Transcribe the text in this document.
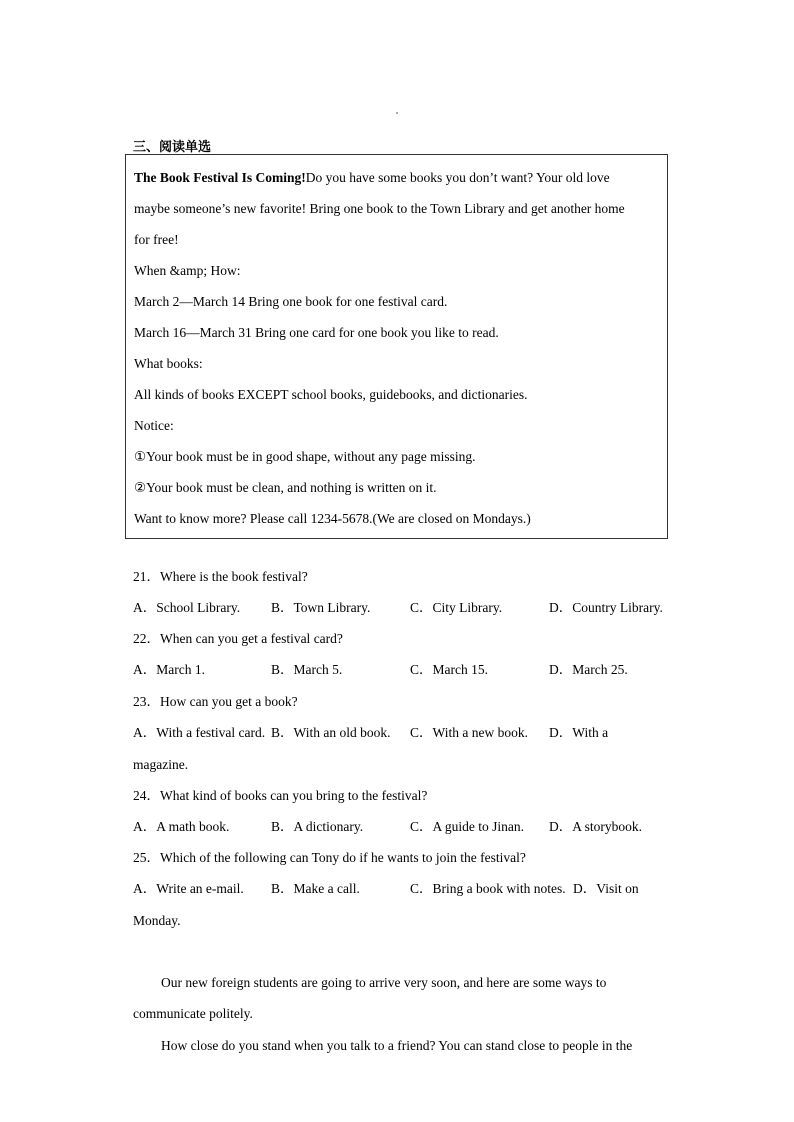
三、阅读单选
The Book Festival Is Coming!Do you have some books you don’t want? Your old love
maybe someone’s new favorite! Bring one book to the Town Library and get another home
for free!
When &amp; How:
March 2—March 14 Bring one book for one festival card.
March 16—March 31 Bring one card for one book you like to read.
What books:
All kinds of books EXCEPT school books, guidebooks, and dictionaries.
Notice:
①Your book must be in good shape, without any page missing.
②Your book must be clean, and nothing is written on it.
Want to know more? Please call 1234-5678.(We are closed on Mondays.)
21．Where is the book festival?
A．School Library. B．Town Library.	C．City Library.	D．Country Library.
22．When can you get a festival card?
A．March 1.	B．March 5.	C．March 15.	D．March 25.
23．How can you get a book?
A．With a festival card. B．With an old book. C．With a new book. D．With a
magazine.
24．What kind of books can you bring to the festival?
A．A math book.	B．A dictionary.	C．A guide to Jinan. D．A storybook.
25．Which of the following can Tony do if he wants to join the festival?
A．Write an e-mail. B．Make a call.	C．Bring a book with notes. D．Visit on
Monday.
Our new foreign students are going to arrive very soon, and here are some ways to
communicate politely.
How close do you stand when you talk to a friend? You can stand close to people in the
